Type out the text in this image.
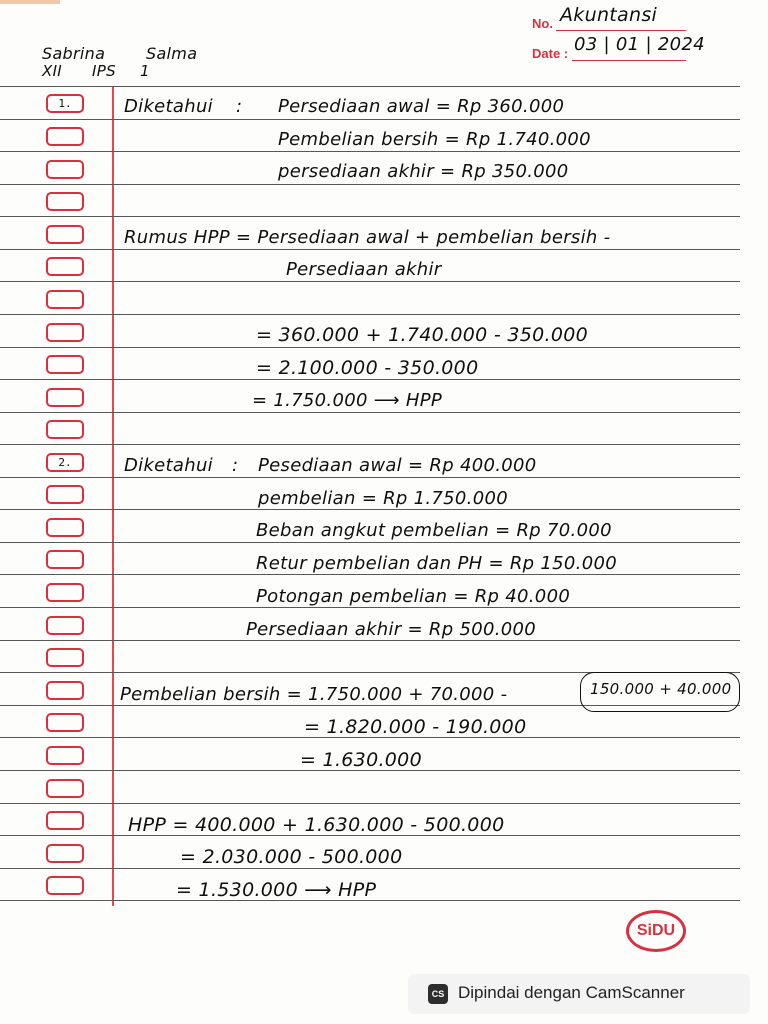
No. Akuntansi
Date : 03 | 01 | 2024
Sabrina	Salma
XII IPS 1
1.
2.
Diketahui : Persediaan awal = Rp 360.000
Pembelian bersih = Rp 1.740.000
persediaan akhir = Rp 350.000
Rumus HPP = Persediaan awal + pembelian bersih -
Persediaan akhir
= 360.000 + 1.740.000 - 350.000
= 2.100.000 - 350.000
= 1.750.000 ⟶ HPP
Diketahui : Pesediaan awal = Rp 400.000
pembelian = Rp 1.750.000
Beban angkut pembelian = Rp 70.000
Retur pembelian dan PH = Rp 150.000
Potongan pembelian = Rp 40.000
Persediaan akhir = Rp 500.000
Pembelian bersih = 1.750.000 + 70.000 -	150.000 + 40.000
= 1.820.000 - 190.000
= 1.630.000
HPP = 400.000 + 1.630.000 - 500.000
= 2.030.000 - 500.000
= 1.530.000 ⟶ HPP
SiDU
CS Dipindai dengan CamScanner
